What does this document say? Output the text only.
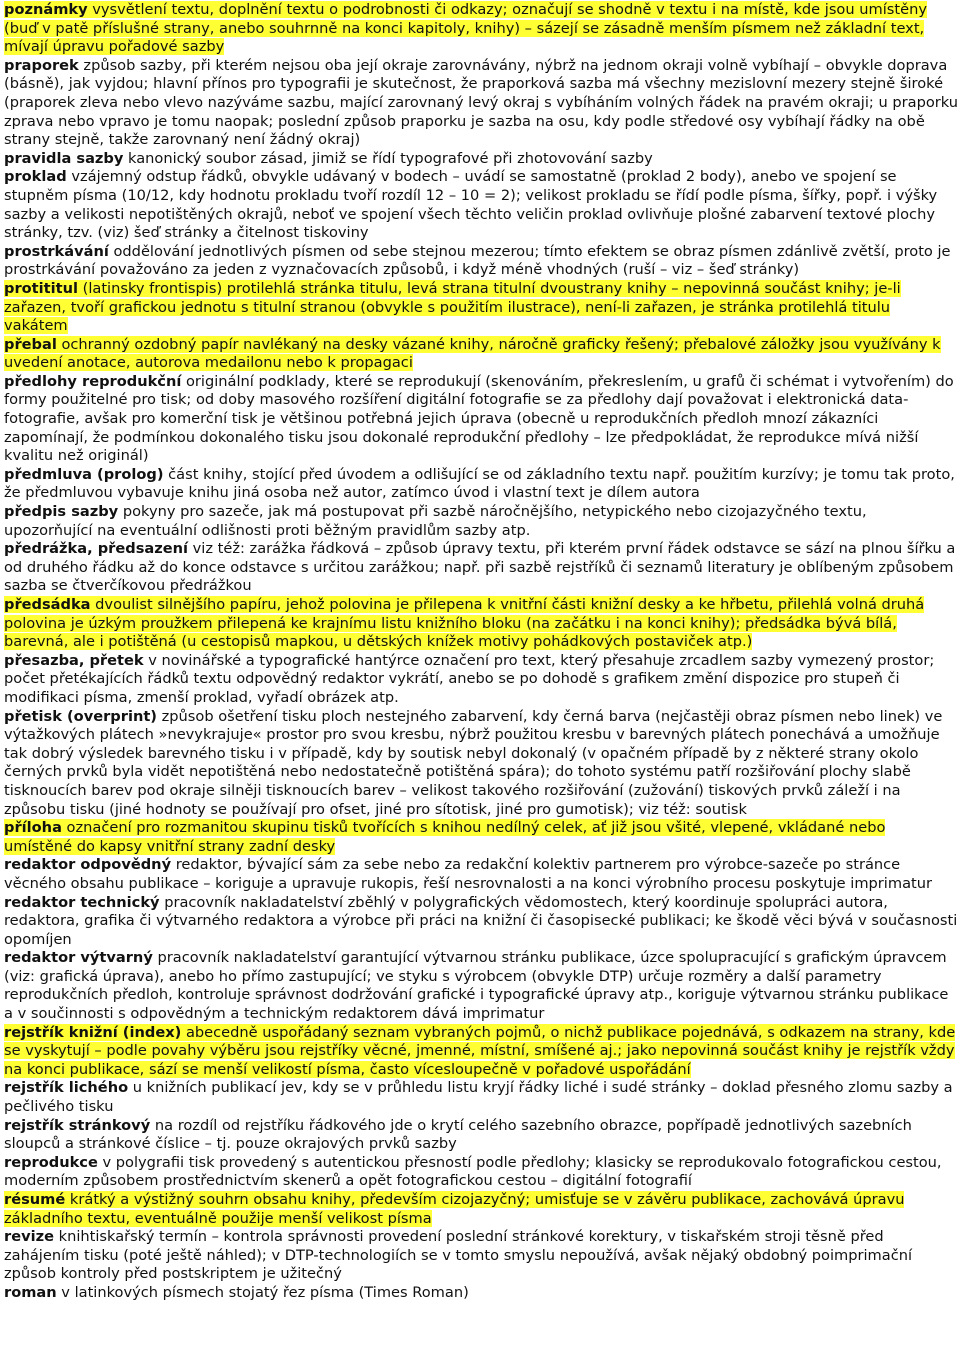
poznámky vysvětlení textu, doplnění textu o podrobnosti či odkazy; označují se shodně v textu i na místě, kde jsou umístěny (buď v patě příslušné strany, anebo souhrnně na konci kapitoly, knihy) – sázejí se zásadně menším písmem než základní text, mívají úpravu pořadové sazby

praporek způsob sazby, při kterém nejsou oba její okraje zarovnávány, nýbrž na jednom okraji volně vybíhají – obvykle doprava (básně), jak vyjdou; hlavní přínos pro typografii je skutečnost, že praporková sazba má všechny mezislovní mezery stejně široké (praporek zleva nebo vlevo nazýváme sazbu, mající zarovnaný levý okraj s vybíháním volných řádek na pravém okraji; u praporku zprava nebo vpravo je tomu naopak; poslední způsob praporku je sazba na osu, kdy podle středové osy vybíhají řádky na obě strany stejně, takže zarovnaný není žádný okraj)

pravidla sazby kanonický soubor zásad, jimiž se řídí typografové při zhotovování sazby

proklad vzájemný odstup řádků, obvykle udávaný v bodech – uvádí se samostatně (proklad 2 body), anebo ve spojení se stupněm písma (10/12, kdy hodnotu prokladu tvoří rozdíl 12 – 10 = 2); velikost prokladu se řídí podle písma, šířky, popř. i výšky sazby a velikosti nepotištěných okrajů, neboť ve spojení všech těchto veličin proklad ovlivňuje plošné zabarvení textové plochy stránky, tzv. (viz) šeď stránky a čitelnost tiskoviny

prostrkávání oddělování jednotlivých písmen od sebe stejnou mezerou; tímto efektem se obraz písmen zdánlivě zvětší, proto je prostrkávání považováno za jeden z vyznačovacích způsobů, i když méně vhodných (ruší – viz – šeď stránky)

protititul (latinsky frontispis) protilehlá stránka titulu, levá strana titulní dvoustrany knihy – nepovinná součást knihy; je-li zařazen, tvoří grafickou jednotu s titulní stranou (obvykle s použitím ilustrace), není-li zařazen, je stránka protilehlá titulu vakátem

přebal ochranný ozdobný papír navlékaný na desky vázané knihy, náročně graficky řešený; přebalové záložky jsou využívány k uvedení anotace, autorova medailonu nebo k propagaci

předlohy reprodukční originální podklady, které se reprodukují (skenováním, překreslením, u grafů či schémat i vytvořením) do formy použitelné pro tisk; od doby masového rozšíření digitální fotografie se za předlohy dají považovat i elektronická data-fotografie, avšak pro komerční tisk je většinou potřebná jejich úprava (obecně u reprodukčních předloh mnozí zákazníci zapomínají, že podmínkou dokonalého tisku jsou dokonalé reprodukční předlohy – lze předpokládat, že reprodukce mívá nižší kvalitu než originál)

předmluva (prolog) část knihy, stojící před úvodem a odlišující se od základního textu např. použitím kurzívy; je tomu tak proto, že předmluvou vybavuje knihu jiná osoba než autor, zatímco úvod i vlastní text je dílem autora

předpis sazby pokyny pro sazeče, jak má postupovat při sazbě náročnějšího, netypického nebo cizojazyčného textu, upozorňující na eventuální odlišnosti proti běžným pravidlům sazby atp.

předrážka, předsazení viz též: zarážka řádková – způsob úpravy textu, při kterém první řádek odstavce se sází na plnou šířku a od druhého řádku až do konce odstavce s určitou zarážkou; např. při sazbě rejstříků či seznamů literatury je oblíbeným způsobem sazba se čtverčíkovou předrážkou

předsádka dvoulist silnějšího papíru, jehož polovina je přilepena k vnitřní části knižní desky a ke hřbetu, přilehlá volná druhá polovina je úzkým proužkem přilepená ke krajnímu listu knižního bloku (na začátku i na konci knihy); předsádka bývá bílá, barevná, ale i potištěná (u cestopisů mapkou, u dětských knížek motivy pohádkových postaviček atp.)

přesazba, přetek v novinářské a typografické hantýrce označení pro text, který přesahuje zrcadlem sazby vymezený prostor; počet přetékajících řádků textu odpovědný redaktor vykrátí, anebo se po dohodě s grafikem změní dispozice pro stupeň či modifikaci písma, zmenší proklad, vyřadí obrázek atp.

přetisk (overprint) způsob ošetření tisku ploch nestejného zabarvení, kdy černá barva (nejčastěji obraz písmen nebo linek) ve výtažkových plátech »nevykrajuje« prostor pro svou kresbu, nýbrž použitou kresbu v barevných plátech ponechává a umožňuje tak dobrý výsledek barevného tisku i v případě, kdy by soutisk nebyl dokonalý (v opačném případě by z některé strany okolo černých prvků byla vidět nepotištěná nebo nedostatečně potištěná spára); do tohoto systému patří rozšiřování plochy slabě tisknoucích barev pod okraje silněji tisknoucích barev – velikost takového rozšiřování (zužování) tiskových prvků záleží i na způsobu tisku (jiné hodnoty se používají pro ofset, jiné pro sítotisk, jiné pro gumotisk); viz též: soutisk

příloha označení pro rozmanitou skupinu tisků tvořících s knihou nedílný celek, ať již jsou všité, vlepené, vkládané nebo umístěné do kapsy vnitřní strany zadní desky

redaktor odpovědný redaktor, bývající sám za sebe nebo za redakční kolektiv partnerem pro výrobce-sazeče po stránce věcného obsahu publikace – koriguje a upravuje rukopis, řeší nesrovnalosti a na konci výrobního procesu poskytuje imprimatur

redaktor technický pracovník nakladatelství zběhlý v polygrafických vědomostech, který koordinuje spolupráci autora, redaktora, grafika či výtvarného redaktora a výrobce při práci na knižní či časopisecké publikaci; ke škodě věci bývá v současnosti opomíjen

redaktor výtvarný pracovník nakladatelství garantující výtvarnou stránku publikace, úzce spolupracující s grafickým úpravcem (viz: grafická úprava), anebo ho přímo zastupující; ve styku s výrobcem (obvykle DTP) určuje rozměry a další parametry reprodukčních předloh, kontroluje správnost dodržování grafické i typografické úpravy atp., koriguje výtvarnou stránku publikace a v součinnosti s odpovědným a technickým redaktorem dává imprimatur

rejstřík knižní (index) abecedně uspořádaný seznam vybraných pojmů, o nichž publikace pojednává, s odkazem na strany, kde se vyskytují – podle povahy výběru jsou rejstříky věcné, jmenné, místní, smíšené aj.; jako nepovinná součást knihy je rejstřík vždy na konci publikace, sází se menší velikostí písma, často vícesloupečně v pořadové uspořádání

rejstřík lichého u knižních publikací jev, kdy se v průhledu listu kryjí řádky liché i sudé stránky – doklad přesného zlomu sazby a pečlivého tisku

rejstřík stránkový na rozdíl od rejstříku řádkového jde o krytí celého sazebního obrazce, popřípadě jednotlivých sazebních sloupců a stránkové číslice – tj. pouze okrajových prvků sazby

reprodukce v polygrafii tisk provedený s autentickou přesností podle předlohy; klasicky se reprodukovalo fotografickou cestou, moderním způsobem prostřednictvím skenerů a opět fotografickou cestou – digitální fotografií

résumé krátký a výstižný souhrn obsahu knihy, především cizojazyčný; umisťuje se v závěru publikace, zachovává úpravu základního textu, eventuálně použije menší velikost písma

revize knihtiskařský termín – kontrola správnosti provedení poslední stránkové korektury, v tiskařském stroji těsně před zahájením tisku (poté ještě náhled); v DTP-technologiích se v tomto smyslu nepoužívá, avšak nějaký obdobný poimprimační způsob kontroly před postskriptem je užitečný

roman v latinkových písmech stojatý řez písma (Times Roman)
